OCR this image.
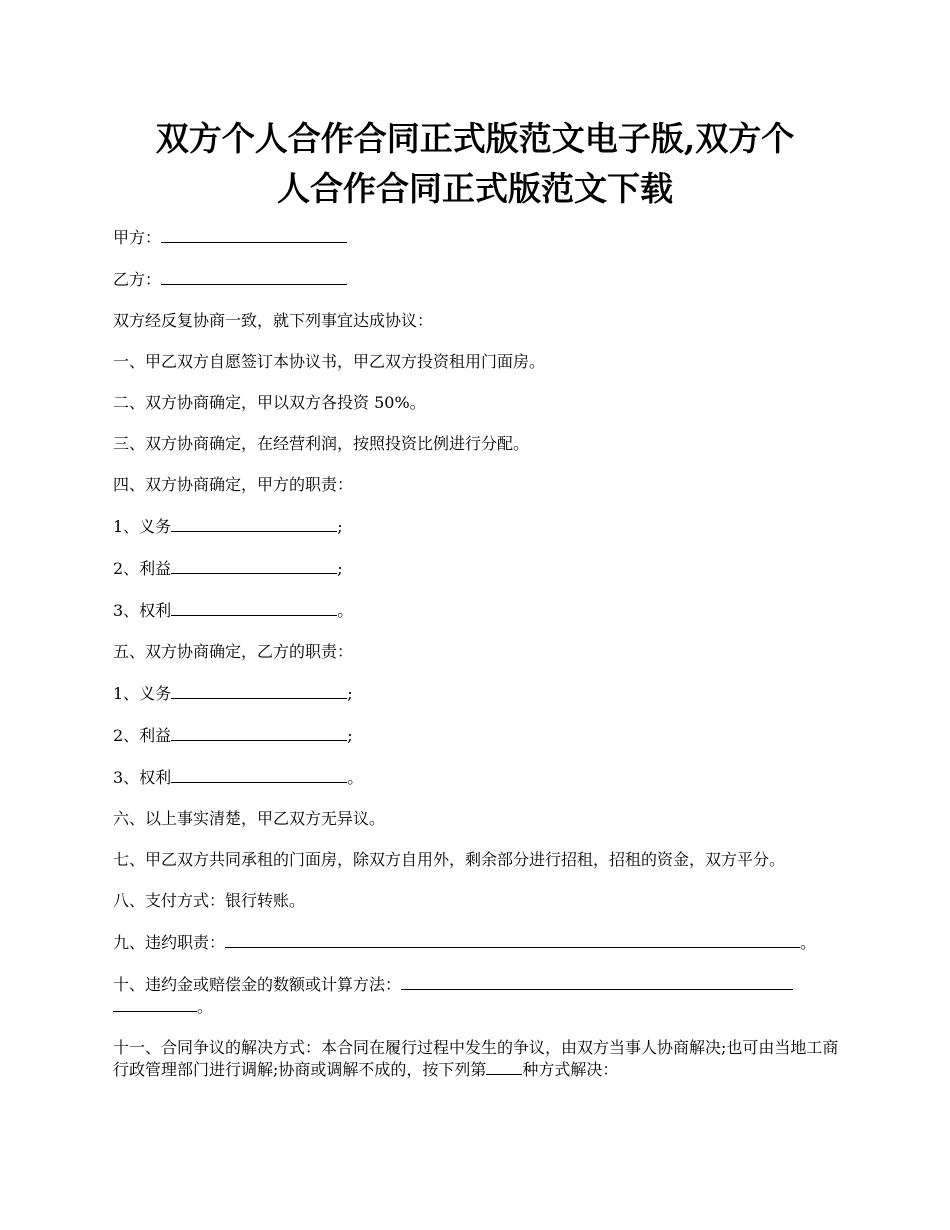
双方个人合作合同正式版范文电子版,双方个
人合作合同正式版范文下载

甲方：

乙方：

双方经反复协商一致，就下列事宜达成协议：

一、甲乙双方自愿签订本协议书，甲乙双方投资租用门面房。

二、双方协商确定，甲以双方各投资 50%。

三、双方协商确定，在经营利润，按照投资比例进行分配。

四、双方协商确定，甲方的职责：

1、义务	;

2、利益	;

3、权利	。

五、双方协商确定，乙方的职责：

1、义务	;

2、利益	;

3、权利	。

六、以上事实清楚，甲乙双方无异议。

七、甲乙双方共同承租的门面房，除双方自用外，剩余部分进行招租，招租的资金，双方平分。

八、支付方式：银行转账。

九、违约职责：	。

十、违约金或赔偿金的数额或计算方法：
。

十一、合同争议的解决方式：本合同在履行过程中发生的争议，由双方当事人协商解决;也可由当地工商行政管理部门进行调解;协商或调解不成的，按下列第 种方式解决：
